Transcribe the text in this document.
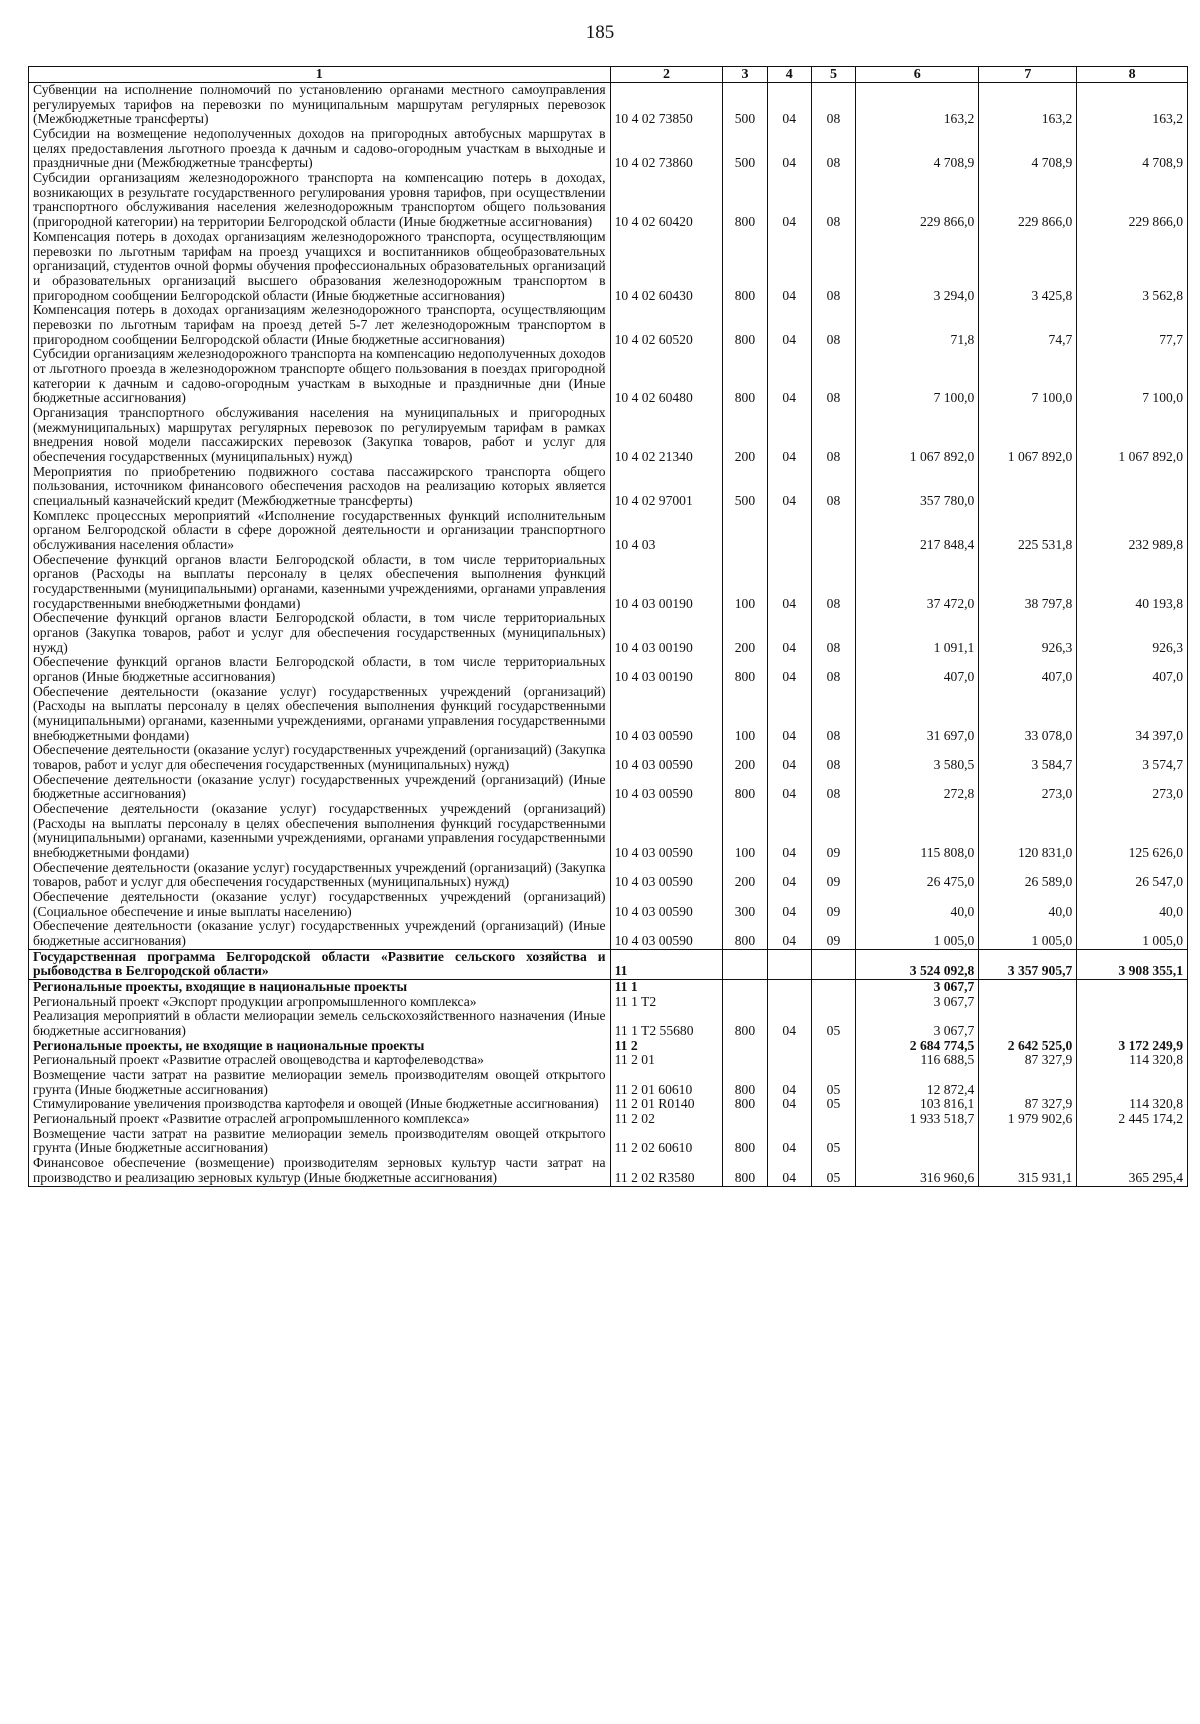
185
1	2	3	4	5	6	7	8
Субвенции на исполнение полномочий по установлению органами местного самоуправления регулируемых тарифов на перевозки по муниципальным маршрутам регулярных перевозок (Межбюджетные трансферты)	10 4 02 73850	500	04	08	163,2	163,2	163,2
Субсидии на возмещение недополученных доходов на пригородных автобусных маршрутах в целях предоставления льготного проезда к дачным и садово-огородным участкам в выходные и праздничные дни (Межбюджетные трансферты)	10 4 02 73860	500	04	08	4 708,9	4 708,9	4 708,9
Субсидии организациям железнодорожного транспорта на компенсацию потерь в доходах, возникающих в результате государственного регулирования уровня тарифов, при осуществлении транспортного обслуживания населения железнодорожным транспортом общего пользования (пригородной категории) на территории Белгородской области (Иные бюджетные ассигнования)	10 4 02 60420	800	04	08	229 866,0	229 866,0	229 866,0
Компенсация потерь в доходах организациям железнодорожного транспорта, осуществляющим перевозки по льготным тарифам на проезд учащихся и воспитанников общеобразовательных организаций, студентов очной формы обучения профессиональных образовательных организаций и образовательных организаций высшего образования железнодорожным транспортом в пригородном сообщении Белгородской области (Иные бюджетные ассигнования)	10 4 02 60430	800	04	08	3 294,0	3 425,8	3 562,8
Компенсация потерь в доходах организациям железнодорожного транспорта, осуществляющим перевозки по льготным тарифам на проезд детей 5-7 лет железнодорожным транспортом в пригородном сообщении Белгородской области (Иные бюджетные ассигнования)	10 4 02 60520	800	04	08	71,8	74,7	77,7
Субсидии организациям железнодорожного транспорта на компенсацию недополученных доходов от льготного проезда в железнодорожном транспорте общего пользования в поездах пригородной категории к дачным и садово-огородным участкам в выходные и праздничные дни (Иные бюджетные ассигнования)	10 4 02 60480	800	04	08	7 100,0	7 100,0	7 100,0
Организация транспортного обслуживания населения на муниципальных и пригородных (межмуниципальных) маршрутах регулярных перевозок по регулируемым тарифам в рамках внедрения новой модели пассажирских перевозок (Закупка товаров, работ и услуг для обеспечения государственных (муниципальных) нужд)	10 4 02 21340	200	04	08	1 067 892,0	1 067 892,0	1 067 892,0
Мероприятия по приобретению подвижного состава пассажирского транспорта общего пользования, источником финансового обеспечения расходов на реализацию которых является специальный казначейский кредит (Межбюджетные трансферты)	10 4 02 97001	500	04	08	357 780,0		
Комплекс процессных мероприятий «Исполнение государственных функций исполнительным органом Белгородской области в сфере дорожной деятельности и организации транспортного обслуживания населения области»	10 4 03				217 848,4	225 531,8	232 989,8
Обеспечение функций органов власти Белгородской области, в том числе территориальных органов (Расходы на выплаты персоналу в целях обеспечения выполнения функций государственными (муниципальными) органами, казенными учреждениями, органами управления государственными внебюджетными фондами)	10 4 03 00190	100	04	08	37 472,0	38 797,8	40 193,8
Обеспечение функций органов власти Белгородской области, в том числе территориальных органов (Закупка товаров, работ и услуг для обеспечения государственных (муниципальных) нужд)	10 4 03 00190	200	04	08	1 091,1	926,3	926,3
Обеспечение функций органов власти Белгородской области, в том числе территориальных органов (Иные бюджетные ассигнования)	10 4 03 00190	800	04	08	407,0	407,0	407,0
Обеспечение деятельности (оказание услуг) государственных учреждений (организаций) (Расходы на выплаты персоналу в целях обеспечения выполнения функций государственными (муниципальными) органами, казенными учреждениями, органами управления государственными внебюджетными фондами)	10 4 03 00590	100	04	08	31 697,0	33 078,0	34 397,0
Обеспечение деятельности (оказание услуг) государственных учреждений (организаций) (Закупка товаров, работ и услуг для обеспечения государственных (муниципальных) нужд)	10 4 03 00590	200	04	08	3 580,5	3 584,7	3 574,7
Обеспечение деятельности (оказание услуг) государственных учреждений (организаций) (Иные бюджетные ассигнования)	10 4 03 00590	800	04	08	272,8	273,0	273,0
Обеспечение деятельности (оказание услуг) государственных учреждений (организаций) (Расходы на выплаты персоналу в целях обеспечения выполнения функций государственными (муниципальными) органами, казенными учреждениями, органами управления государственными внебюджетными фондами)	10 4 03 00590	100	04	09	115 808,0	120 831,0	125 626,0
Обеспечение деятельности (оказание услуг) государственных учреждений (организаций) (Закупка товаров, работ и услуг для обеспечения государственных (муниципальных) нужд)	10 4 03 00590	200	04	09	26 475,0	26 589,0	26 547,0
Обеспечение деятельности (оказание услуг) государственных учреждений (организаций) (Социальное обеспечение и иные выплаты населению)	10 4 03 00590	300	04	09	40,0	40,0	40,0
Обеспечение деятельности (оказание услуг) государственных учреждений (организаций) (Иные бюджетные ассигнования)	10 4 03 00590	800	04	09	1 005,0	1 005,0	1 005,0
Государственная программа Белгородской области «Развитие сельского хозяйства и рыбоводства в Белгородской области»	11				3 524 092,8	3 357 905,7	3 908 355,1
Региональные проекты, входящие в национальные проекты	11 1				3 067,7		
Региональный проект «Экспорт продукции агропромышленного комплекса»	11 1 T2				3 067,7		
Реализация мероприятий в области мелиорации земель сельскохозяйственного назначения (Иные бюджетные ассигнования)	11 1 T2 55680	800	04	05	3 067,7		
Региональные проекты, не входящие в национальные проекты	11 2				2 684 774,5	2 642 525,0	3 172 249,9
Региональный проект «Развитие отраслей овощеводства и картофелеводства»	11 2 01				116 688,5	87 327,9	114 320,8
Возмещение части затрат на развитие мелиорации земель производителям овощей открытого грунта (Иные бюджетные ассигнования)	11 2 01 60610	800	04	05	12 872,4		
Стимулирование увеличения производства картофеля и овощей (Иные бюджетные ассигнования)	11 2 01 R0140	800	04	05	103 816,1	87 327,9	114 320,8
Региональный проект «Развитие отраслей агропромышленного комплекса»	11 2 02				1 933 518,7	1 979 902,6	2 445 174,2
Возмещение части затрат на развитие мелиорации земель производителям овощей открытого грунта (Иные бюджетные ассигнования)	11 2 02 60610	800	04	05			
Финансовое обеспечение (возмещение) производителям зерновых культур части затрат на производство и реализацию зерновых культур (Иные бюджетные ассигнования)	11 2 02 R3580	800	04	05	316 960,6	315 931,1	365 295,4
